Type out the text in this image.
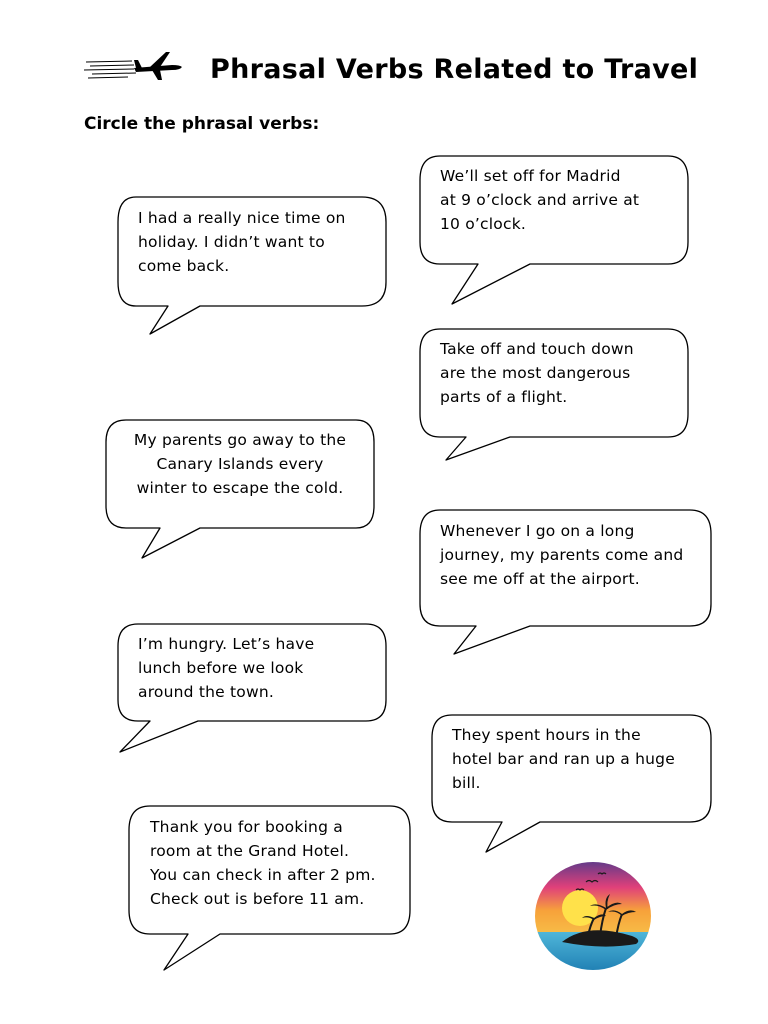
Phrasal Verbs Related to Travel
Circle the phrasal verbs:
I had a really nice time on
holiday. I didn’t want to
come back.
We’ll set off for Madrid
at 9 o’clock and arrive at
10 o’clock.
Take off and touch down
are the most dangerous
parts of a flight.
My parents go away to the
Canary Islands every
winter to escape the cold.
Whenever I go on a long
journey, my parents come and
see me off at the airport.
I’m hungry. Let’s have
lunch before we look
around the town.
They spent hours in the
hotel bar and ran up a huge
bill.
Thank you for booking a
room at the Grand Hotel.
You can check in after 2 pm.
Check out is before 11 am.
